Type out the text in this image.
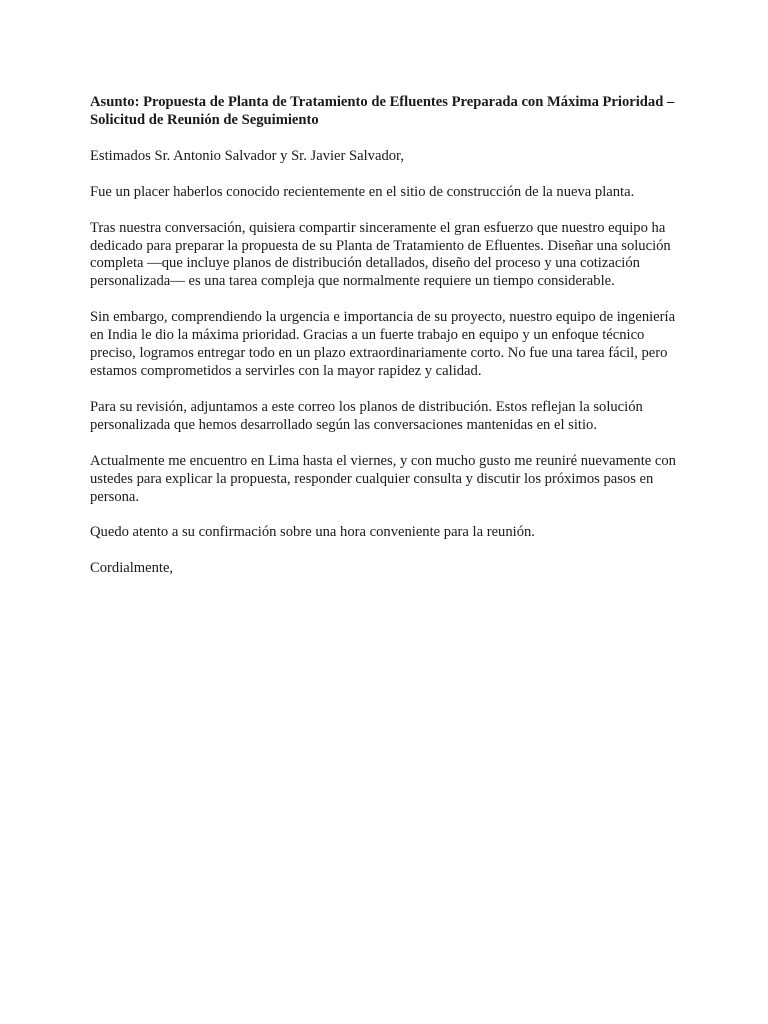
Asunto: Propuesta de Planta de Tratamiento de Efluentes Preparada con Máxima Prioridad – Solicitud de Reunión de Seguimiento

Estimados Sr. Antonio Salvador y Sr. Javier Salvador,

Fue un placer haberlos conocido recientemente en el sitio de construcción de la nueva planta.

Tras nuestra conversación, quisiera compartir sinceramente el gran esfuerzo que nuestro equipo ha dedicado para preparar la propuesta de su Planta de Tratamiento de Efluentes. Diseñar una solución completa —que incluye planos de distribución detallados, diseño del proceso y una cotización personalizada— es una tarea compleja que normalmente requiere un tiempo considerable.

Sin embargo, comprendiendo la urgencia e importancia de su proyecto, nuestro equipo de ingeniería en India le dio la máxima prioridad. Gracias a un fuerte trabajo en equipo y un enfoque técnico preciso, logramos entregar todo en un plazo extraordinariamente corto. No fue una tarea fácil, pero estamos comprometidos a servirles con la mayor rapidez y calidad.

Para su revisión, adjuntamos a este correo los planos de distribución. Estos reflejan la solución personalizada que hemos desarrollado según las conversaciones mantenidas en el sitio.

Actualmente me encuentro en Lima hasta el viernes, y con mucho gusto me reuniré nuevamente con ustedes para explicar la propuesta, responder cualquier consulta y discutir los próximos pasos en persona.

Quedo atento a su confirmación sobre una hora conveniente para la reunión.

Cordialmente,
